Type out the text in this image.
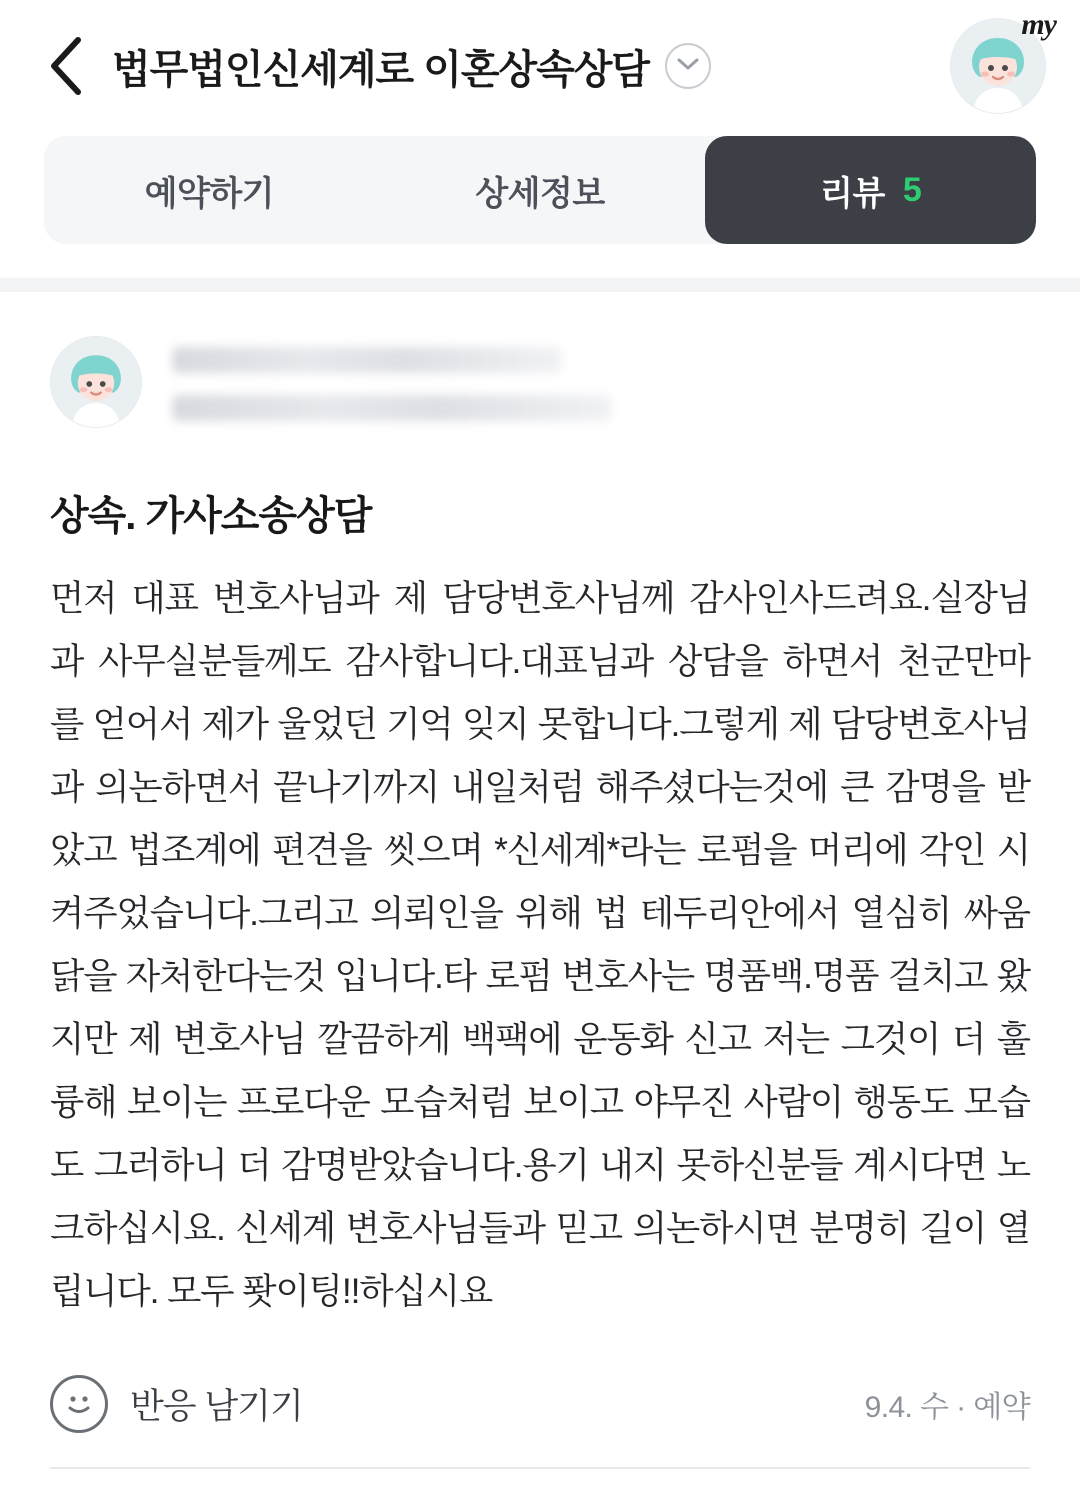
법무법인신세계로 이혼상속상담
my
예약하기	상세정보	리뷰 5
상속. 가사소송상담
먼저 대표 변호사님과 제 담당변호사님께 감사인사드려요.실장님과 사무실분들께도 감사합니다.대표님과 상담을 하면서 천군만마를 얻어서 제가 울었던 기억 잊지 못합니다.그렇게 제 담당변호사님과 의논하면서 끝나기까지 내일처럼 해주셨다는것에 큰 감명을 받았고 법조계에 편견을 씻으며 *신세계*라는 로펌을 머리에 각인 시켜주었습니다.그리고 의뢰인을 위해 법 테두리안에서 열심히 싸움닭을 자처한다는것 입니다.타 로펌 변호사는 명품백.명품 걸치고 왔지만 제 변호사님 깔끔하게 백팩에 운동화 신고 저는 그것이 더 훌륭해 보이는 프로다운 모습처럼 보이고 야무진 사람이 행동도 모습도 그러하니 더 감명받았습니다.용기 내지 못하신분들 계시다면 노크하십시요. 신세계 변호사님들과 믿고 의논하시면 분명히 길이 열립니다. 모두 퐛이팅!!하십시요
반응 남기기	9.4. 수 · 예약
